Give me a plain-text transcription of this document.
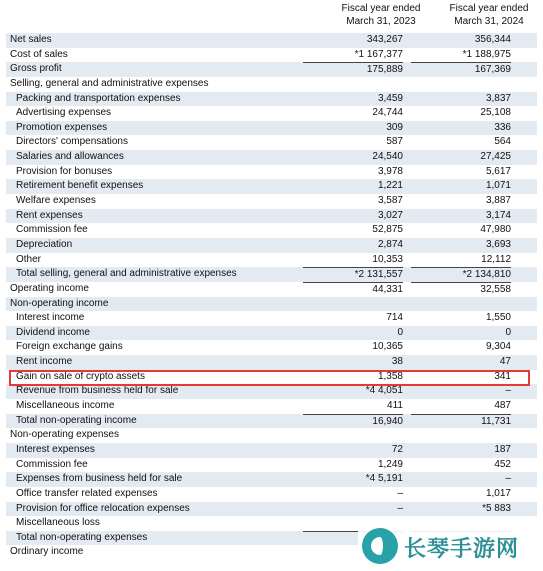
Fiscal year ended
March 31, 2023
Fiscal year ended
March 31, 2024
Net sales	343,267	356,344
Cost of sales	*1 167,377	*1 188,975
Gross profit	175,889	167,369
Selling, general and administrative expenses
Packing and transportation expenses	3,459	3,837
Advertising expenses	24,744	25,108
Promotion expenses	309	336
Directors' compensations	587	564
Salaries and allowances	24,540	27,425
Provision for bonuses	3,978	5,617
Retirement benefit expenses	1,221	1,071
Welfare expenses	3,587	3,887
Rent expenses	3,027	3,174
Commission fee	52,875	47,980
Depreciation	2,874	3,693
Other	10,353	12,112
Total selling, general and administrative expenses	*2 131,557	*2 134,810
Operating income	44,331	32,558
Non-operating income
Interest income	714	1,550
Dividend income	0	0
Foreign exchange gains	10,365	9,304
Rent income	38	47
Gain on sale of crypto assets	1,358	341
Revenue from business held for sale	*4 4,051	–
Miscellaneous income	411	487
Total non-operating income	16,940	11,731
Non-operating expenses
Interest expenses	72	187
Commission fee	1,249	452
Expenses from business held for sale	*4 5,191	–
Office transfer related expenses	–	1,017
Provision for office relocation expenses	–	*5 883
Miscellaneous loss
Total non-operating expenses
Ordinary income	长琴手游网
